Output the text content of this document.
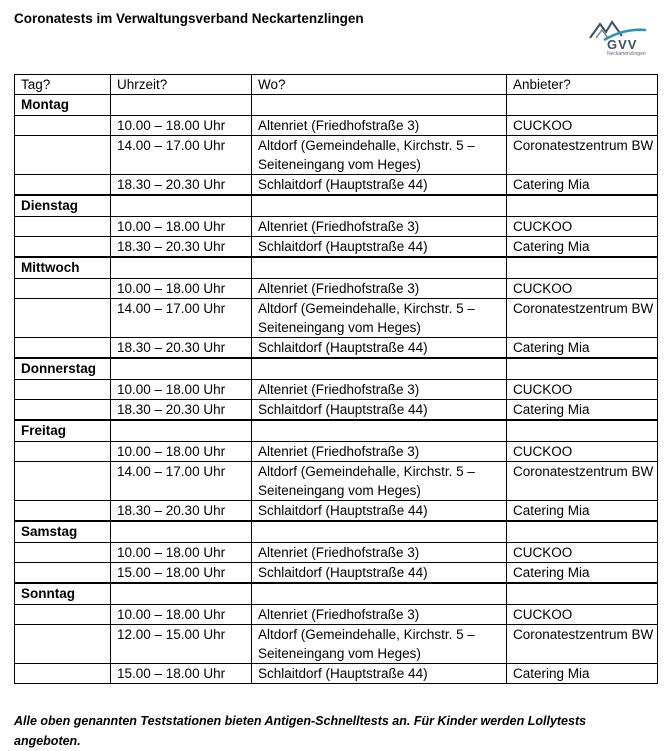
Coronatests im Verwaltungsverband Neckartenzlingen
GVV
Neckartenzlingen
Tag?	Uhrzeit?	Wo?	Anbieter?
Montag			
	10.00 – 18.00 Uhr	Altenriet (Friedhofstraße 3)	CUCKOO
	14.00 – 17.00 Uhr	Altdorf (Gemeindehalle, Kirchstr. 5 – Seiteneingang vom Heges)	Coronatestzentrum BW
	18.30 – 20.30 Uhr	Schlaitdorf (Hauptstraße 44)	Catering Mia
Dienstag			
	10.00 – 18.00 Uhr	Altenriet (Friedhofstraße 3)	CUCKOO
	18.30 – 20.30 Uhr	Schlaitdorf (Hauptstraße 44)	Catering Mia
Mittwoch			
	10.00 – 18.00 Uhr	Altenriet (Friedhofstraße 3)	CUCKOO
	14.00 – 17.00 Uhr	Altdorf (Gemeindehalle, Kirchstr. 5 – Seiteneingang vom Heges)	Coronatestzentrum BW
	18.30 – 20.30 Uhr	Schlaitdorf (Hauptstraße 44)	Catering Mia
Donnerstag			
	10.00 – 18.00 Uhr	Altenriet (Friedhofstraße 3)	CUCKOO
	18.30 – 20.30 Uhr	Schlaitdorf (Hauptstraße 44)	Catering Mia
Freitag			
	10.00 – 18.00 Uhr	Altenriet (Friedhofstraße 3)	CUCKOO
	14.00 – 17.00 Uhr	Altdorf (Gemeindehalle, Kirchstr. 5 – Seiteneingang vom Heges)	Coronatestzentrum BW
	18.30 – 20.30 Uhr	Schlaitdorf (Hauptstraße 44)	Catering Mia
Samstag			
	10.00 – 18.00 Uhr	Altenriet (Friedhofstraße 3)	CUCKOO
	15.00 – 18.00 Uhr	Schlaitdorf (Hauptstraße 44)	Catering Mia
Sonntag			
	10.00 – 18.00 Uhr	Altenriet (Friedhofstraße 3)	CUCKOO
	12.00 – 15.00 Uhr	Altdorf (Gemeindehalle, Kirchstr. 5 – Seiteneingang vom Heges)	Coronatestzentrum BW
	15.00 – 18.00 Uhr	Schlaitdorf (Hauptstraße 44)	Catering Mia
Alle oben genannten Teststationen bieten Antigen-Schnelltests an. Für Kinder werden Lollytests angeboten.
